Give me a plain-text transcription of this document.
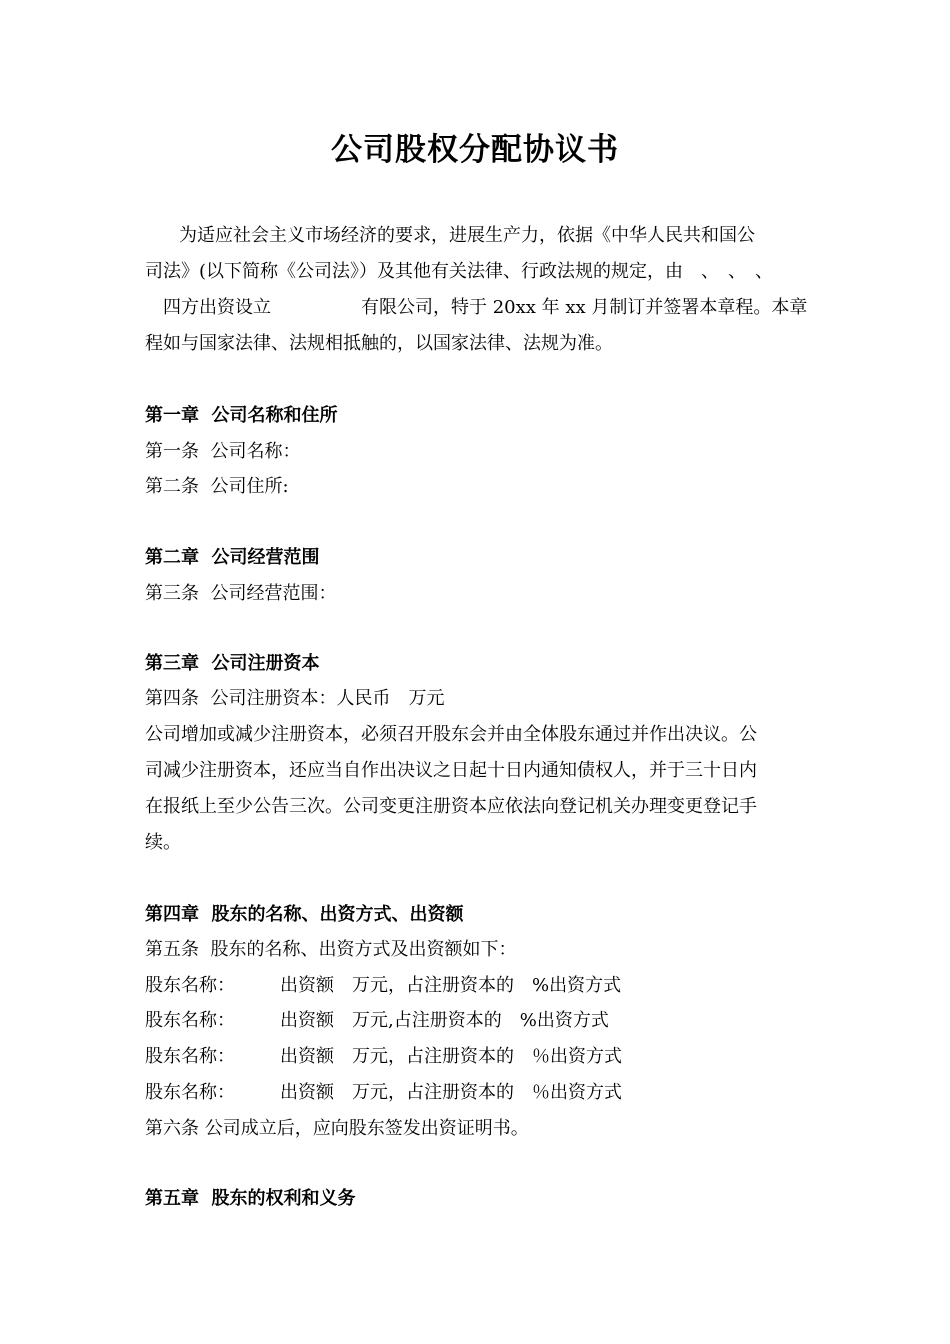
公司股权分配协议书
为适应社会主义市场经济的要求，进展生产力，依据《中华人民共和国公
司法》(以下简称《公司法》）及其他有关法律、行政法规的规定，由　、　、　、
　四方出资设立　　　　　有限公司，特于 20xx 年 xx 月制订并签署本章程。本章
程如与国家法律、法规相抵触的，以国家法律、法规为准。
第一章  公司名称和住所
第一条  公司名称：
第二条  公司住所:
第二章  公司经营范围
第三条  公司经营范围：
第三章  公司注册资本
第四条  公司注册资本：人民币　万元
公司增加或减少注册资本，必须召开股东会并由全体股东通过并作出决议。公
司减少注册资本，还应当自作出决议之日起十日内通知债权人，并于三十日内
在报纸上至少公告三次。公司变更注册资本应依法向登记机关办理变更登记手
续。
第四章  股东的名称、出资方式、出资额
第五条  股东的名称、出资方式及出资额如下：
股东名称：	出资额　万元，占注册资本的　%出资方式
股东名称：	出资额　万元,占注册资本的　%出资方式
股东名称：	出资额　万元，占注册资本的　％出资方式
股东名称：	出资额　万元，占注册资本的　％出资方式
第六条 公司成立后，应向股东签发出资证明书。
第五章  股东的权利和义务
